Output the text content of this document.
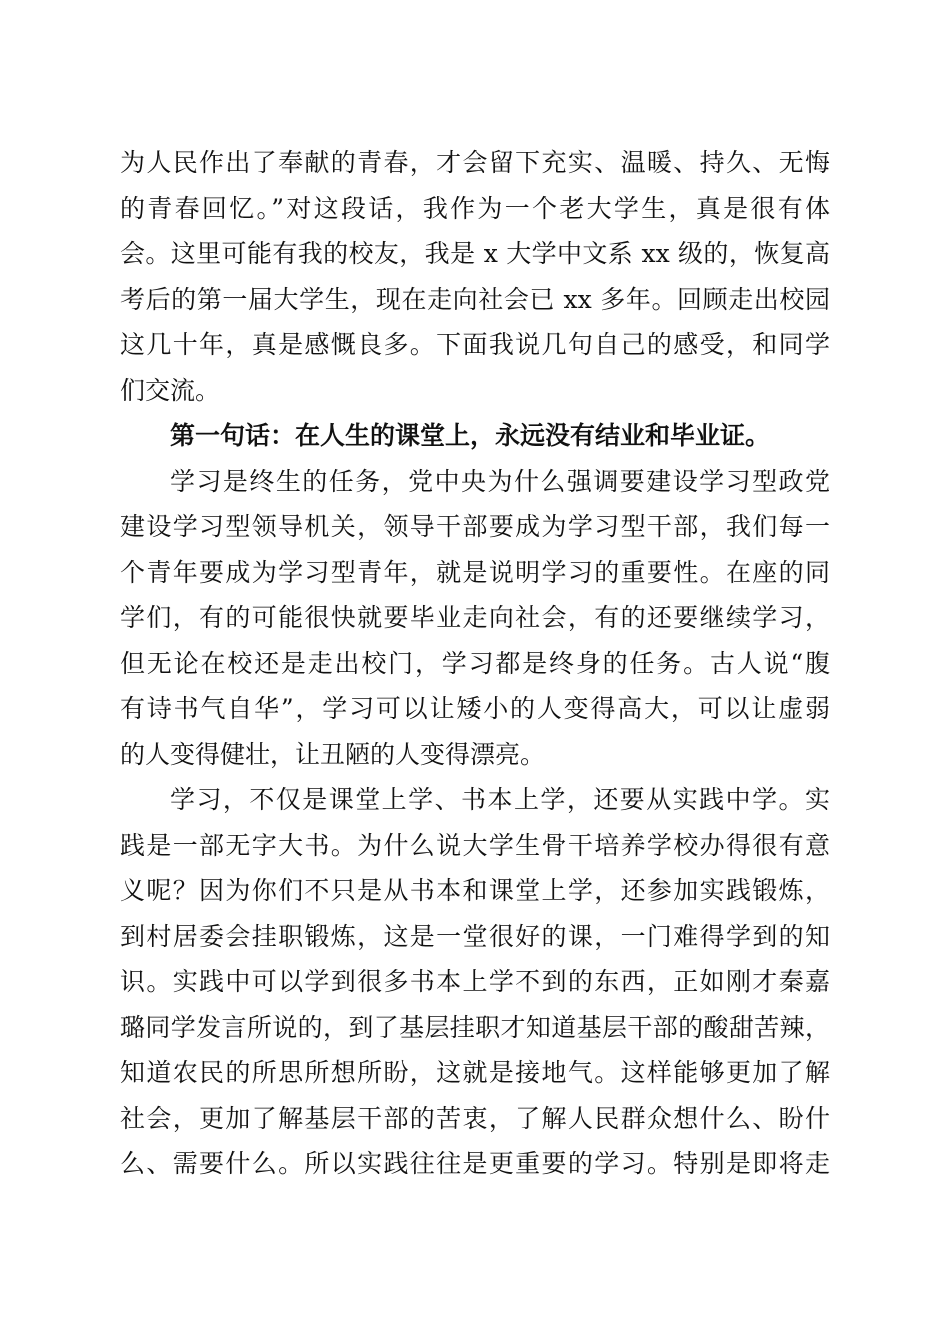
为人民作出了奉献的青春，才会留下充实、温暖、持久、无悔
的青春回忆。”对这段话，我作为一个老大学生，真是很有体
会。这里可能有我的校友，我是 x 大学中文系 xx 级的，恢复高
考后的第一届大学生，现在走向社会已 xx 多年。回顾走出校园
这几十年，真是感慨良多。下面我说几句自己的感受，和同学
们交流。
第一句话：在人生的课堂上，永远没有结业和毕业证。
学习是终生的任务，党中央为什么强调要建设学习型政党
建设学习型领导机关，领导干部要成为学习型干部，我们每一
个青年要成为学习型青年，就是说明学习的重要性。在座的同
学们，有的可能很快就要毕业走向社会，有的还要继续学习，
但无论在校还是走出校门，学习都是终身的任务。古人说“腹
有诗书气自华”，学习可以让矮小的人变得高大，可以让虚弱
的人变得健壮，让丑陋的人变得漂亮。
学习，不仅是课堂上学、书本上学，还要从实践中学。实
践是一部无字大书。为什么说大学生骨干培养学校办得很有意
义呢？因为你们不只是从书本和课堂上学，还参加实践锻炼，
到村居委会挂职锻炼，这是一堂很好的课，一门难得学到的知
识。实践中可以学到很多书本上学不到的东西，正如刚才秦嘉
璐同学发言所说的，到了基层挂职才知道基层干部的酸甜苦辣，
知道农民的所思所想所盼，这就是接地气。这样能够更加了解
社会，更加了解基层干部的苦衷，了解人民群众想什么、盼什
么、需要什么。所以实践往往是更重要的学习。特别是即将走
